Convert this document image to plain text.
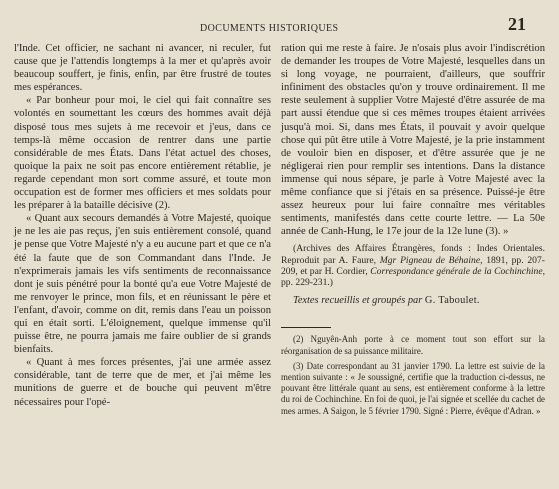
DOCUMENTS HISTORIQUES	21

l'Inde. Cet officier, ne sachant ni avancer, ni reculer, fut cause que je l'attendis longtemps à la mer et qu'après avoir beaucoup souffert, je finis, enfin, par être frustré de toutes mes espérances.

« Par bonheur pour moi, le ciel qui fait connaître ses volontés en soumettant les cœurs des hommes avait déjà disposé tous mes sujets à me recevoir et j'eus, dans ce temps-là même occasion de rentrer dans une partie considérable de mes États. Dans l'état actuel des choses, quoique la paix ne soit pas encore entièrement rétablie, je regarde cependant mon sort comme assuré, et toute mon occupation est de former mes officiers et mes soldats pour les préparer à la bataille décisive (2).

« Quant aux secours demandés à Votre Majesté, quoique je ne les aie pas reçus, j'en suis entièrement consolé, quand je pense que Votre Majesté n'y a eu aucune part et que ce n'a été la faute que de son Commandant dans l'Inde. Je n'exprimerais jamais les vifs sentiments de reconnaissance dont je suis pénétré pour la bonté qu'a eue Votre Majesté de me renvoyer le prince, mon fils, et en réunissant le père et l'enfant, d'avoir, comme on dit, remis dans l'eau un poisson qui en était sorti. L'éloignement, quelque immense qu'il puisse être, ne pourra jamais me faire oublier de si grands bienfaits.

« Quant à mes forces présentes, j'ai une armée assez considérable, tant de terre que de mer, et j'ai même les munitions de guerre et de bouche qui peuvent m'être nécessaires pour l'opé-

ration qui me reste à faire. Je n'osais plus avoir l'indiscrétion de demander les troupes de Votre Majesté, lesquelles dans un si long voyage, ne pourraient, d'ailleurs, que souffrir infiniment des obstacles qu'on y trouve ordinairement. Il me reste seulement à supplier Votre Majesté d'être assurée de ma part aussi étendue que si ces mêmes troupes étaient arrivées jusqu'à moi. Si, dans mes États, il pouvait y avoir quelque chose qui pût être utile à Votre Majesté, je la prie instamment de vouloir bien en disposer, et d'être assurée que je ne négligerai rien pour remplir ses intentions. Dans la distance immense qui nous sépare, je parle à Votre Majesté avec la même confiance que si j'étais en sa présence. Puissé-je être assez heureux pour lui faire connaître mes véritables sentiments, manifestés dans cette courte lettre. — La 50e année de Canh-Hung, le 17e jour de la 12e lune (3). »

(Archives des Affaires Étrangères, fonds : Indes Orientales. Reproduit par A. Faure, Mgr Pigneau de Béhaine, 1891, pp. 207-209, et par H. Cordier, Correspondance générale de la Cochinchine, pp. 229-231.)

Textes recueillis et groupés par G. Taboulet.

(2) Nguyên-Anh porte à ce moment tout son effort sur la réorganisation de sa puissance militaire.

(3) Date correspondant au 31 janvier 1790. La lettre est suivie de la mention suivante : « Je soussigné, certifie que la traduction ci-dessus, ne pouvant être littérale quant au sens, est entièrement conforme à la lettre du roi de Cochinchine. En foi de quoi, je l'ai signée et scellée du cachet de mes armes. A Saigon, le 5 février 1790. Signé : Pierre, évêque d'Adran. »
